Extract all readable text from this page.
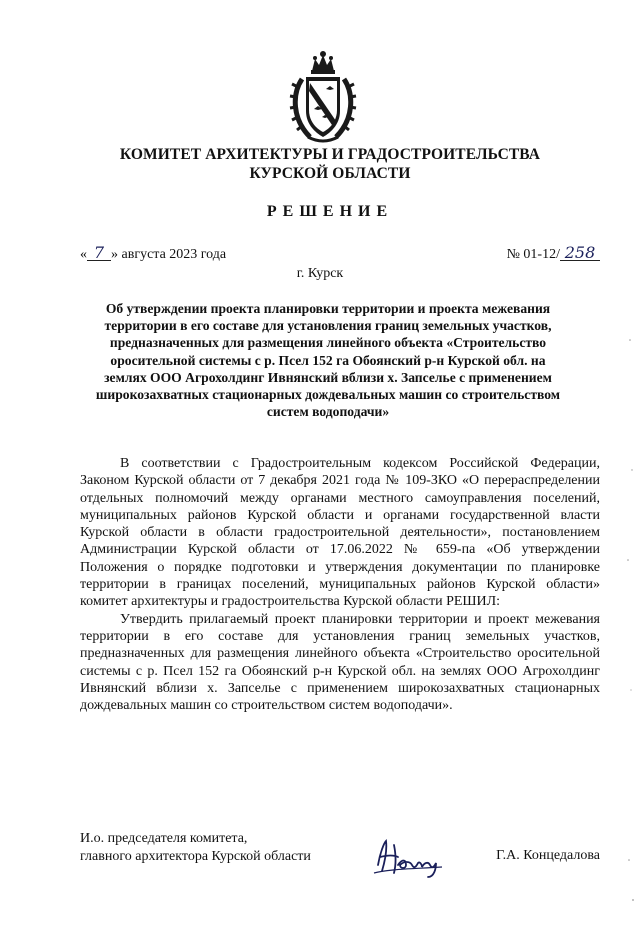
КОМИТЕТ АРХИТЕКТУРЫ И ГРАДОСТРОИТЕЛЬСТВА
КУРСКОЙ ОБЛАСТИ
РЕШЕНИЕ
« 7 » августа 2023 года	№ 01-12/ 258
г. Курск
Об утверждении проекта планировки территории и проекта межевания территории в его составе для установления границ земельных участков, предназначенных для размещения линейного объекта «Строительство оросительной системы с р. Псел 152 га Обоянский р-н Курской обл. на землях ООО Агрохолдинг Ивнянский вблизи х. Запселье с применением широкозахватных стационарных дождевальных машин со строительством систем водоподачи»

В соответствии с Градостроительным кодексом Российской Федерации, Законом Курской области от 7 декабря 2021 года № 109-ЗКО «О перераспределении отдельных полномочий между органами местного самоуправления поселений, муниципальных районов Курской области и органами государственной власти Курской области в области градостроительной деятельности», постановлением Администрации Курской области от 17.06.2022 № 659-па «Об утверждении Положения о порядке подготовки и утверждения документации по планировке территории в границах поселений, муниципальных районов Курской области» комитет архитектуры и градостроительства Курской области РЕШИЛ:

Утвердить прилагаемый проект планировки территории и проект межевания территории в его составе для установления границ земельных участков, предназначенных для размещения линейного объекта «Строительство оросительной системы с р. Псел 152 га Обоянский р-н Курской обл. на землях ООО Агрохолдинг Ивнянский вблизи х. Запселье с применением широкозахватных стационарных дождевальных машин со строительством систем водоподачи».

И.о. председателя комитета,
главного архитектора Курской области	Г.А. Концедалова
